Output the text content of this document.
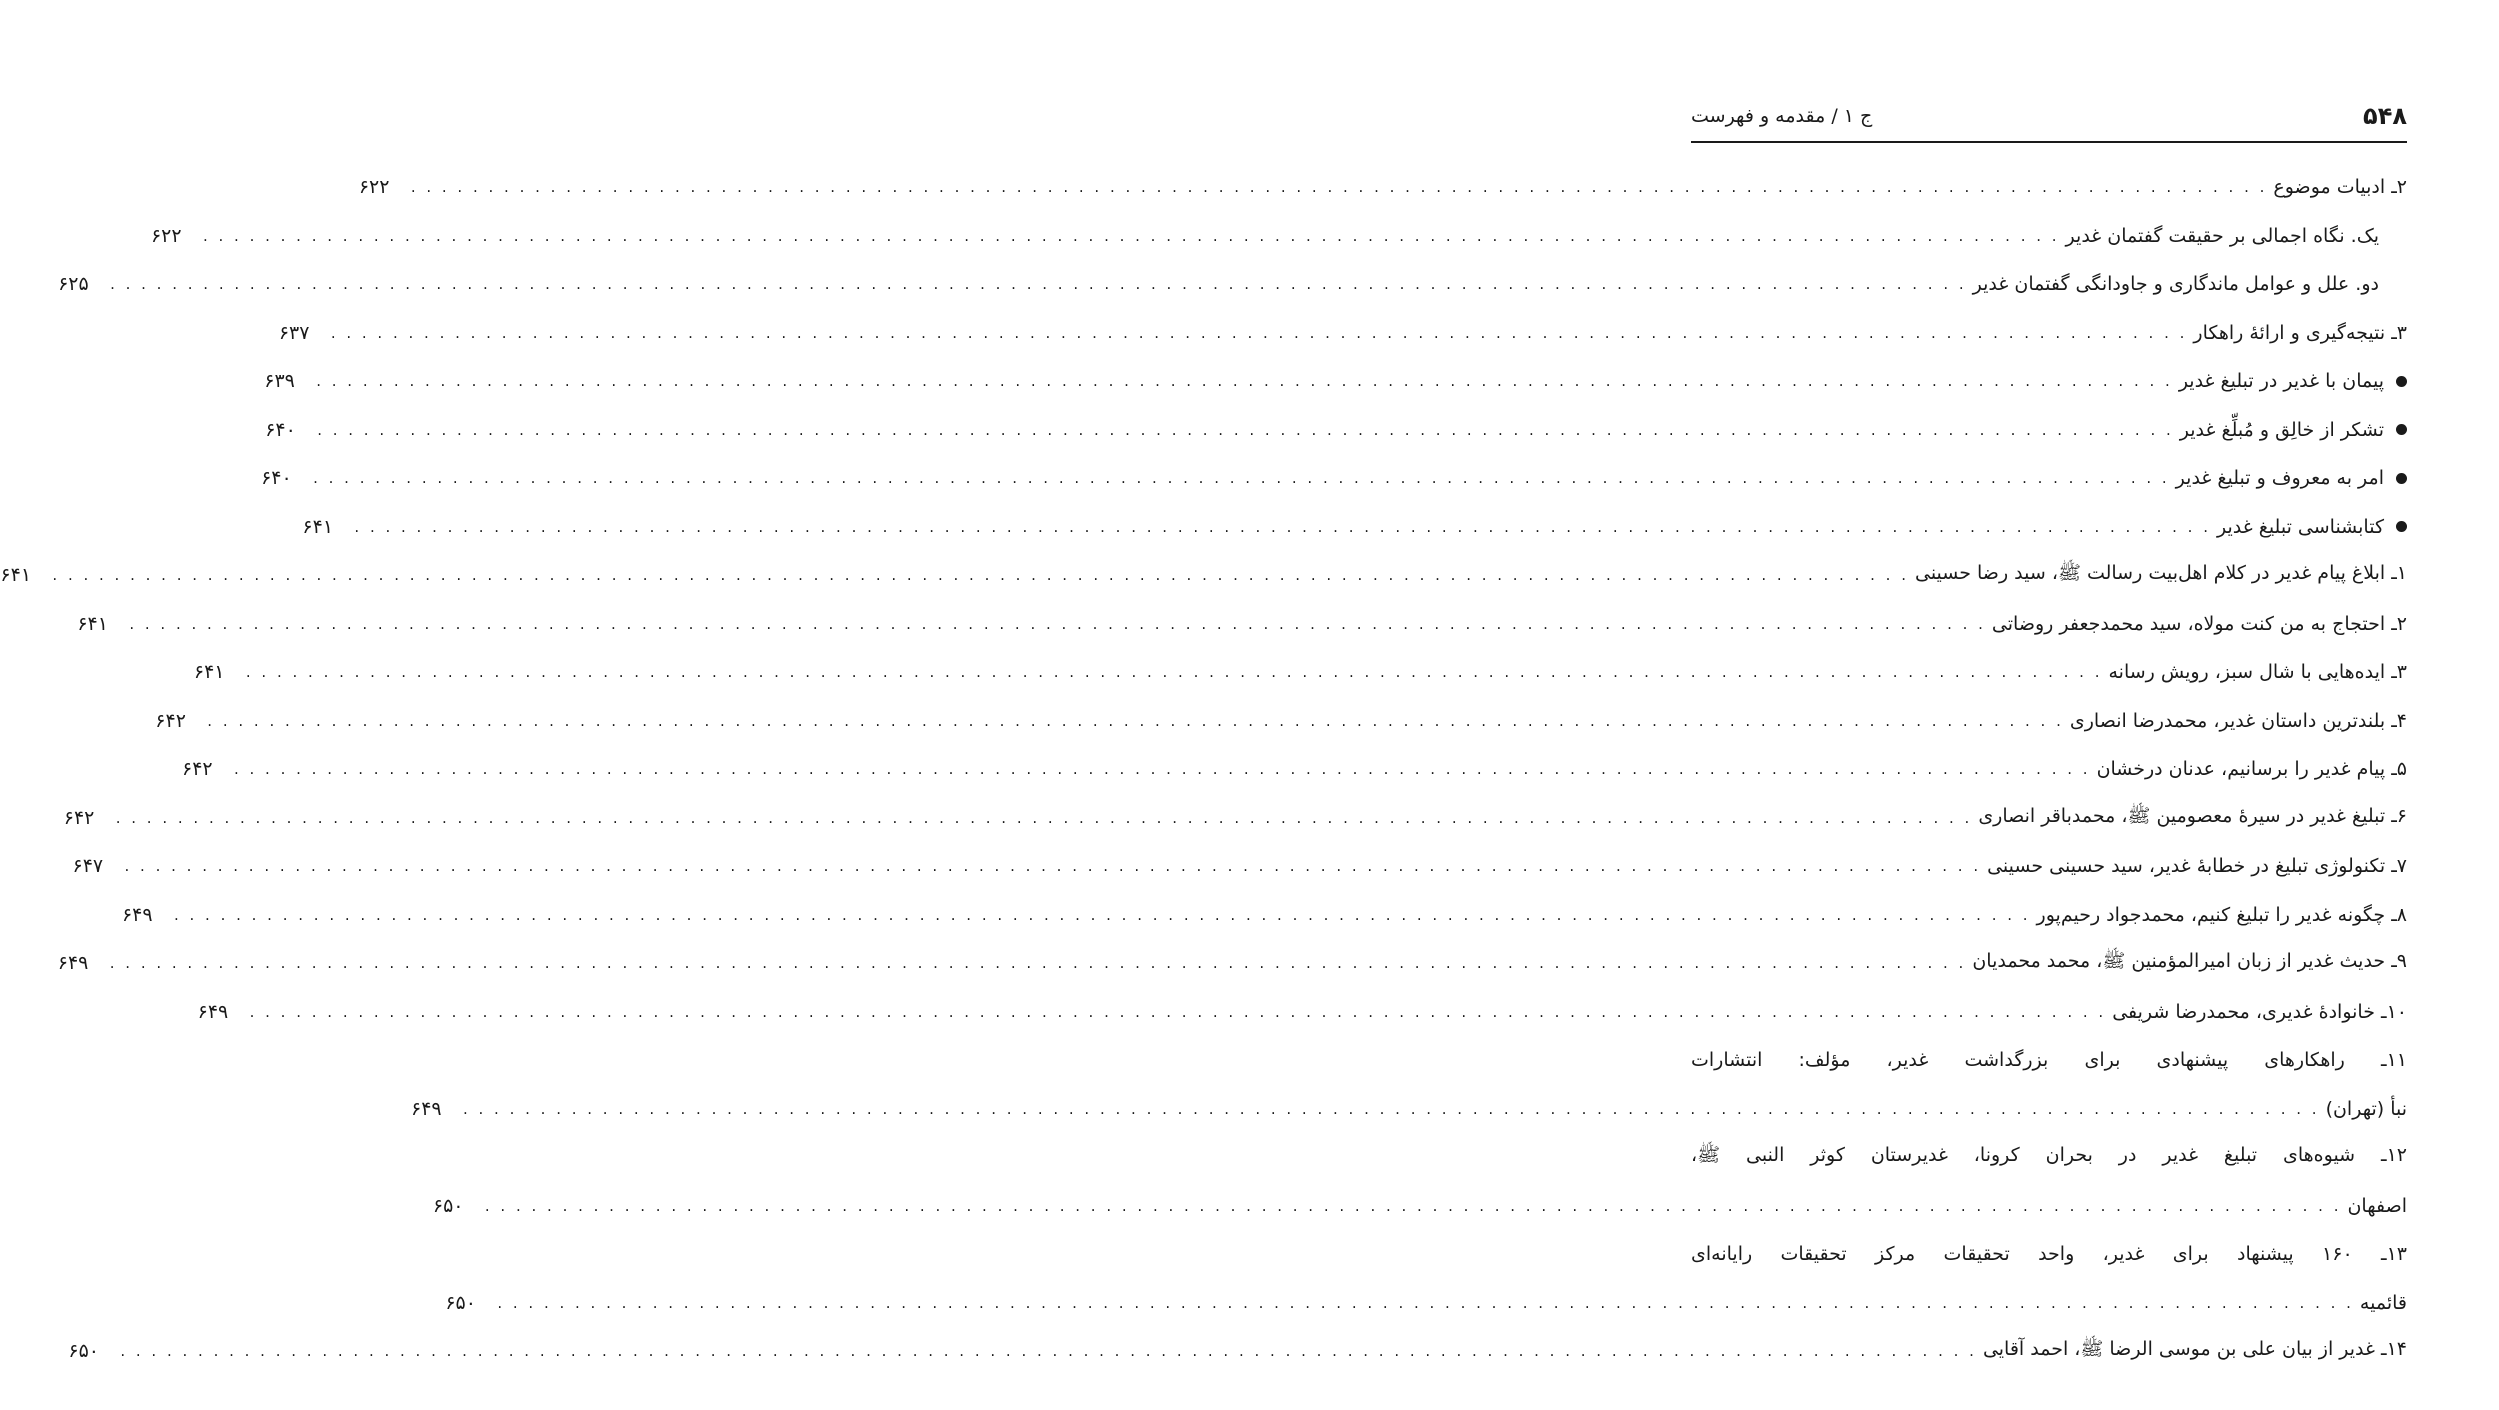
۵۴۸
ج ۱ / مقدمه و فهرست
۲ـ ادبیات موضوع
. . . . . . . . . . . . . . . . . . . . . . . . . . . . . . . . . . . . . . . . . . . . . . . . . . . . . . . . . . . . . . . . . . . . . . . . . . . . . . . . . . . . . . . . . . . . . . . . . . . . . . . . . . . . . . . . . . . . . . . .
۶۲۲
یک. نگاه اجمالی بر حقیقت گفتمان غدیر
. . . . . . . . . . . . . . . . . . . . . . . . . . . . . . . . . . . . . . . . . . . . . . . . . . . . . . . . . . . . . . . . . . . . . . . . . . . . . . . . . . . . . . . . . . . . . . . . . . . . . . . . . . . . . . . . . . . . . . . .
۶۲۲
دو. علل و عوامل ماندگاری و جاودانگی گفتمان غدیر
. . . . . . . . . . . . . . . . . . . . . . . . . . . . . . . . . . . . . . . . . . . . . . . . . . . . . . . . . . . . . . . . . . . . . . . . . . . . . . . . . . . . . . . . . . . . . . . . . . . . . . . . . . . . . . . . . . . . . . . .
۶۲۵
۳ـ نتیجه‌گیری و ارائۀ راهکار
. . . . . . . . . . . . . . . . . . . . . . . . . . . . . . . . . . . . . . . . . . . . . . . . . . . . . . . . . . . . . . . . . . . . . . . . . . . . . . . . . . . . . . . . . . . . . . . . . . . . . . . . . . . . . . . . . . . . . . . .
۶۳۷
پیمان با غدیر در تبلیغ غدیر
. . . . . . . . . . . . . . . . . . . . . . . . . . . . . . . . . . . . . . . . . . . . . . . . . . . . . . . . . . . . . . . . . . . . . . . . . . . . . . . . . . . . . . . . . . . . . . . . . . . . . . . . . . . . . . . . . . . . . . . .
۶۳۹
تشکر از خالِق و مُبلِّغ غدیر
. . . . . . . . . . . . . . . . . . . . . . . . . . . . . . . . . . . . . . . . . . . . . . . . . . . . . . . . . . . . . . . . . . . . . . . . . . . . . . . . . . . . . . . . . . . . . . . . . . . . . . . . . . . . . . . . . . . . . . . .
۶۴۰
امر به معروف و تبلیغ غدیر
. . . . . . . . . . . . . . . . . . . . . . . . . . . . . . . . . . . . . . . . . . . . . . . . . . . . . . . . . . . . . . . . . . . . . . . . . . . . . . . . . . . . . . . . . . . . . . . . . . . . . . . . . . . . . . . . . . . . . . . .
۶۴۰
کتابشناسی تبلیغ غدیر
. . . . . . . . . . . . . . . . . . . . . . . . . . . . . . . . . . . . . . . . . . . . . . . . . . . . . . . . . . . . . . . . . . . . . . . . . . . . . . . . . . . . . . . . . . . . . . . . . . . . . . . . . . . . . . . . . . . . . . . .
۶۴۱
۱ـ ابلاغ پیام غدیر در کلام اهل‌بیت رسالت ﷺ، سید رضا حسینی
. . . . . . . . . . . . . . . . . . . . . . . . . . . . . . . . . . . . . . . . . . . . . . . . . . . . . . . . . . . . . . . . . . . . . . . . . . . . . . . . . . . . . . . . . . . . . . . . . . . . . . . . . . . . . . . . . . . . . . . .
۶۴۱
۲ـ احتجاج به من کنت مولاه، سید محمدجعفر روضاتی
. . . . . . . . . . . . . . . . . . . . . . . . . . . . . . . . . . . . . . . . . . . . . . . . . . . . . . . . . . . . . . . . . . . . . . . . . . . . . . . . . . . . . . . . . . . . . . . . . . . . . . . . . . . . . . . . . . . . . . . .
۶۴۱
۳ـ ایده‌هایی با شال سبز، رویش رسانه
. . . . . . . . . . . . . . . . . . . . . . . . . . . . . . . . . . . . . . . . . . . . . . . . . . . . . . . . . . . . . . . . . . . . . . . . . . . . . . . . . . . . . . . . . . . . . . . . . . . . . . . . . . . . . . . . . . . . . . . .
۶۴۱
۴ـ بلندترین داستان غدیر، محمدرضا انصاری
. . . . . . . . . . . . . . . . . . . . . . . . . . . . . . . . . . . . . . . . . . . . . . . . . . . . . . . . . . . . . . . . . . . . . . . . . . . . . . . . . . . . . . . . . . . . . . . . . . . . . . . . . . . . . . . . . . . . . . . .
۶۴۲
۵ـ پیام غدیر را برسانیم، عدنان درخشان
. . . . . . . . . . . . . . . . . . . . . . . . . . . . . . . . . . . . . . . . . . . . . . . . . . . . . . . . . . . . . . . . . . . . . . . . . . . . . . . . . . . . . . . . . . . . . . . . . . . . . . . . . . . . . . . . . . . . . . . .
۶۴۲
۶ـ تبلیغ غدیر در سیرۀ معصومین ﷺ، محمدباقر انصاری
. . . . . . . . . . . . . . . . . . . . . . . . . . . . . . . . . . . . . . . . . . . . . . . . . . . . . . . . . . . . . . . . . . . . . . . . . . . . . . . . . . . . . . . . . . . . . . . . . . . . . . . . . . . . . . . . . . . . . . . .
۶۴۲
۷ـ تکنولوژی تبلیغ در خطابۀ غدیر، سید حسینی حسینی
. . . . . . . . . . . . . . . . . . . . . . . . . . . . . . . . . . . . . . . . . . . . . . . . . . . . . . . . . . . . . . . . . . . . . . . . . . . . . . . . . . . . . . . . . . . . . . . . . . . . . . . . . . . . . . . . . . . . . . . .
۶۴۷
۸ـ چگونه غدیر را تبلیغ کنیم، محمدجواد رحیم‌پور
. . . . . . . . . . . . . . . . . . . . . . . . . . . . . . . . . . . . . . . . . . . . . . . . . . . . . . . . . . . . . . . . . . . . . . . . . . . . . . . . . . . . . . . . . . . . . . . . . . . . . . . . . . . . . . . . . . . . . . . .
۶۴۹
۹ـ حدیث غدیر از زبان امیرالمؤمنین ﷺ، محمد محمدیان
. . . . . . . . . . . . . . . . . . . . . . . . . . . . . . . . . . . . . . . . . . . . . . . . . . . . . . . . . . . . . . . . . . . . . . . . . . . . . . . . . . . . . . . . . . . . . . . . . . . . . . . . . . . . . . . . . . . . . . . .
۶۴۹
۱۰ـ خانوادۀ غدیری، محمدرضا شریفی
. . . . . . . . . . . . . . . . . . . . . . . . . . . . . . . . . . . . . . . . . . . . . . . . . . . . . . . . . . . . . . . . . . . . . . . . . . . . . . . . . . . . . . . . . . . . . . . . . . . . . . . . . . . . . . . . . . . . . . . .
۶۴۹
۱۱ـ راهکارهای پیشنهادی برای بزرگداشت غدیر، مؤلف: انتشارات
نبأ (تهران)
. . . . . . . . . . . . . . . . . . . . . . . . . . . . . . . . . . . . . . . . . . . . . . . . . . . . . . . . . . . . . . . . . . . . . . . . . . . . . . . . . . . . . . . . . . . . . . . . . . . . . . . . . . . . . . . . . . . . . . . .
۶۴۹
۱۲ـ شیوه‌های تبلیغ غدیر در بحران کرونا، غدیرستان کوثر النبی ﷺ،
اصفهان
. . . . . . . . . . . . . . . . . . . . . . . . . . . . . . . . . . . . . . . . . . . . . . . . . . . . . . . . . . . . . . . . . . . . . . . . . . . . . . . . . . . . . . . . . . . . . . . . . . . . . . . . . . . . . . . . . . . . . . . .
۶۵۰
۱۳ـ ۱۶۰ پیشنهاد برای غدیر، واحد تحقیقات مرکز تحقیقات رایانه‌ای
قائمیه
. . . . . . . . . . . . . . . . . . . . . . . . . . . . . . . . . . . . . . . . . . . . . . . . . . . . . . . . . . . . . . . . . . . . . . . . . . . . . . . . . . . . . . . . . . . . . . . . . . . . . . . . . . . . . . . . . . . . . . . .
۶۵۰
۱۴ـ غدیر از بیان علی بن موسی الرضا ﷺ، احمد آقایی
. . . . . . . . . . . . . . . . . . . . . . . . . . . . . . . . . . . . . . . . . . . . . . . . . . . . . . . . . . . . . . . . . . . . . . . . . . . . . . . . . . . . . . . . . . . . . . . . . . . . . . . . . . . . . . . . . . . . . . . .
۶۵۰
